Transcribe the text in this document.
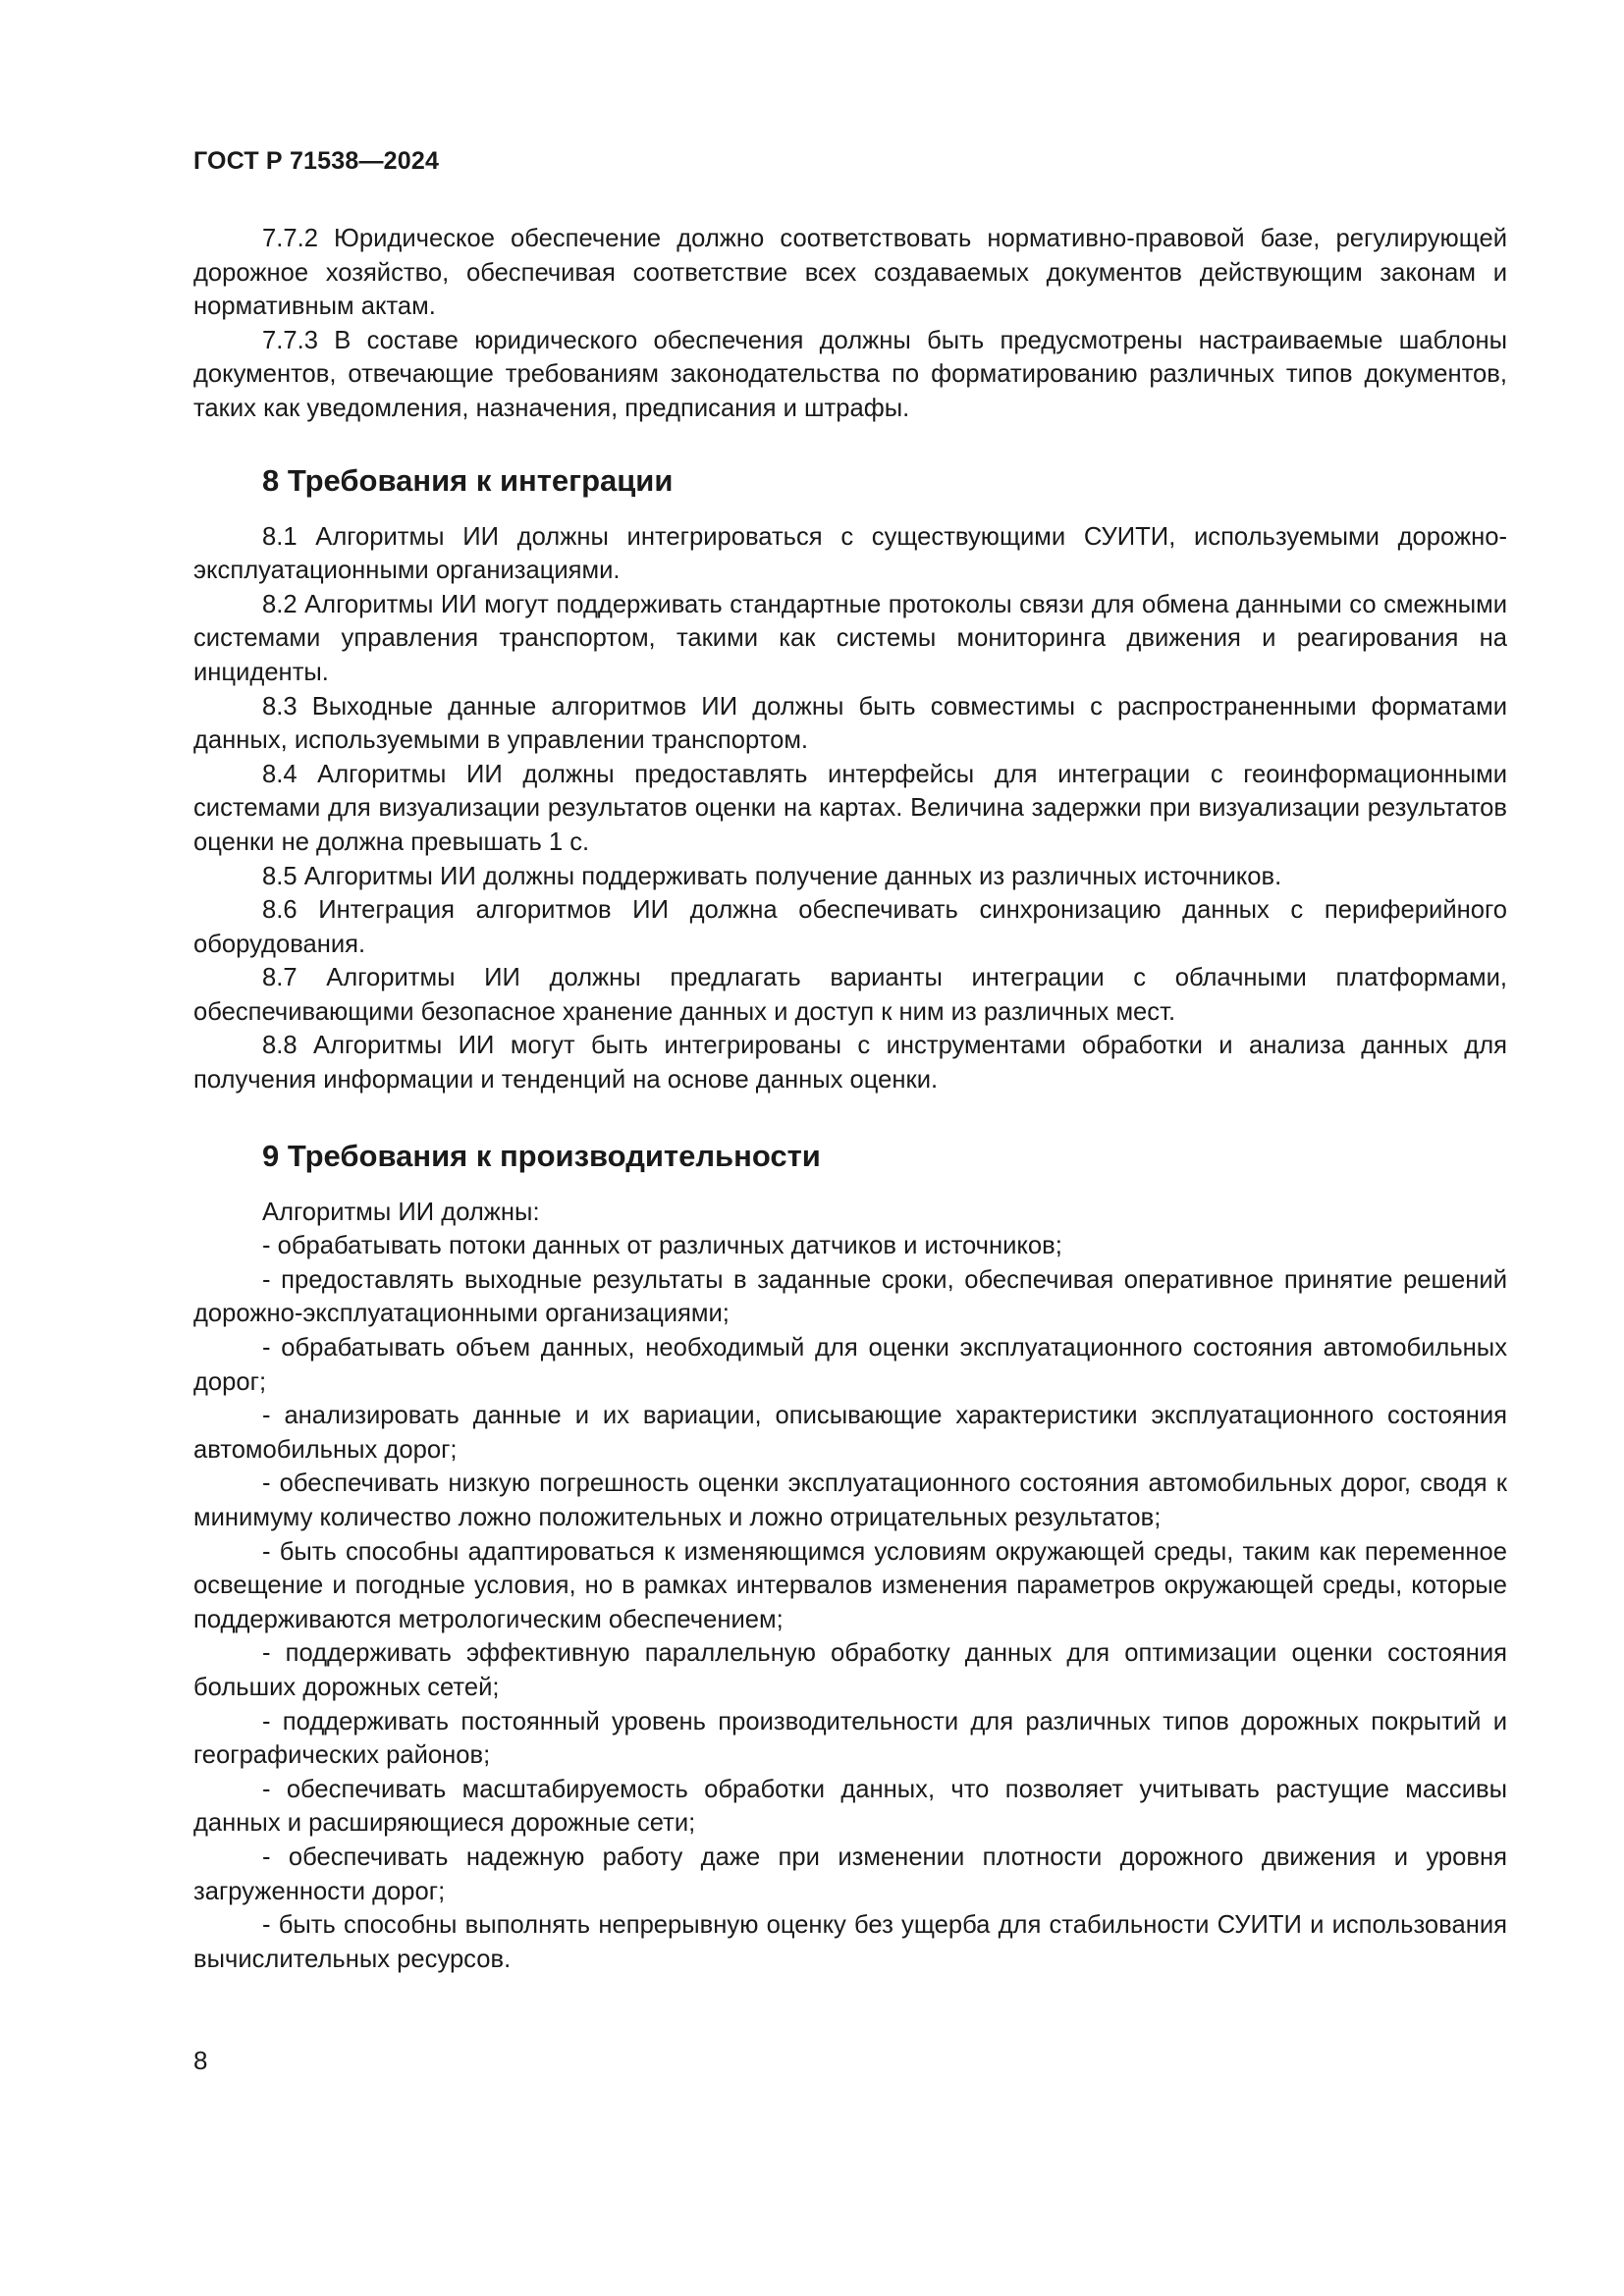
ГОСТ Р 71538—2024

7.7.2 Юридическое обеспечение должно соответствовать нормативно-правовой базе, регулирующей дорожное хозяйство, обеспечивая соответствие всех создаваемых документов действующим законам и нормативным актам.

7.7.3 В составе юридического обеспечения должны быть предусмотрены настраиваемые шаблоны документов, отвечающие требованиям законодательства по форматированию различных типов документов, таких как уведомления, назначения, предписания и штрафы.

8 Требования к интеграции

8.1 Алгоритмы ИИ должны интегрироваться с существующими СУИТИ, используемыми дорожно-эксплуатационными организациями.

8.2 Алгоритмы ИИ могут поддерживать стандартные протоколы связи для обмена данными со смежными системами управления транспортом, такими как системы мониторинга движения и реагирования на инциденты.

8.3 Выходные данные алгоритмов ИИ должны быть совместимы с распространенными форматами данных, используемыми в управлении транспортом.

8.4 Алгоритмы ИИ должны предоставлять интерфейсы для интеграции с геоинформационными системами для визуализации результатов оценки на картах. Величина задержки при визуализации результатов оценки не должна превышать 1 с.

8.5 Алгоритмы ИИ должны поддерживать получение данных из различных источников.

8.6 Интеграция алгоритмов ИИ должна обеспечивать синхронизацию данных с периферийного оборудования.

8.7 Алгоритмы ИИ должны предлагать варианты интеграции с облачными платформами, обеспечивающими безопасное хранение данных и доступ к ним из различных мест.

8.8 Алгоритмы ИИ могут быть интегрированы с инструментами обработки и анализа данных для получения информации и тенденций на основе данных оценки.

9 Требования к производительности

Алгоритмы ИИ должны:

- обрабатывать потоки данных от различных датчиков и источников;

- предоставлять выходные результаты в заданные сроки, обеспечивая оперативное принятие решений дорожно-эксплуатационными организациями;

- обрабатывать объем данных, необходимый для оценки эксплуатационного состояния автомобильных дорог;

- анализировать данные и их вариации, описывающие характеристики эксплуатационного состояния автомобильных дорог;

- обеспечивать низкую погрешность оценки эксплуатационного состояния автомобильных дорог, сводя к минимуму количество ложно положительных и ложно отрицательных результатов;

- быть способны адаптироваться к изменяющимся условиям окружающей среды, таким как переменное освещение и погодные условия, но в рамках интервалов изменения параметров окружающей среды, которые поддерживаются метрологическим обеспечением;

- поддерживать эффективную параллельную обработку данных для оптимизации оценки состояния больших дорожных сетей;

- поддерживать постоянный уровень производительности для различных типов дорожных покрытий и географических районов;

- обеспечивать масштабируемость обработки данных, что позволяет учитывать растущие массивы данных и расширяющиеся дорожные сети;

- обеспечивать надежную работу даже при изменении плотности дорожного движения и уровня загруженности дорог;

- быть способны выполнять непрерывную оценку без ущерба для стабильности СУИТИ и использования вычислительных ресурсов.

8
